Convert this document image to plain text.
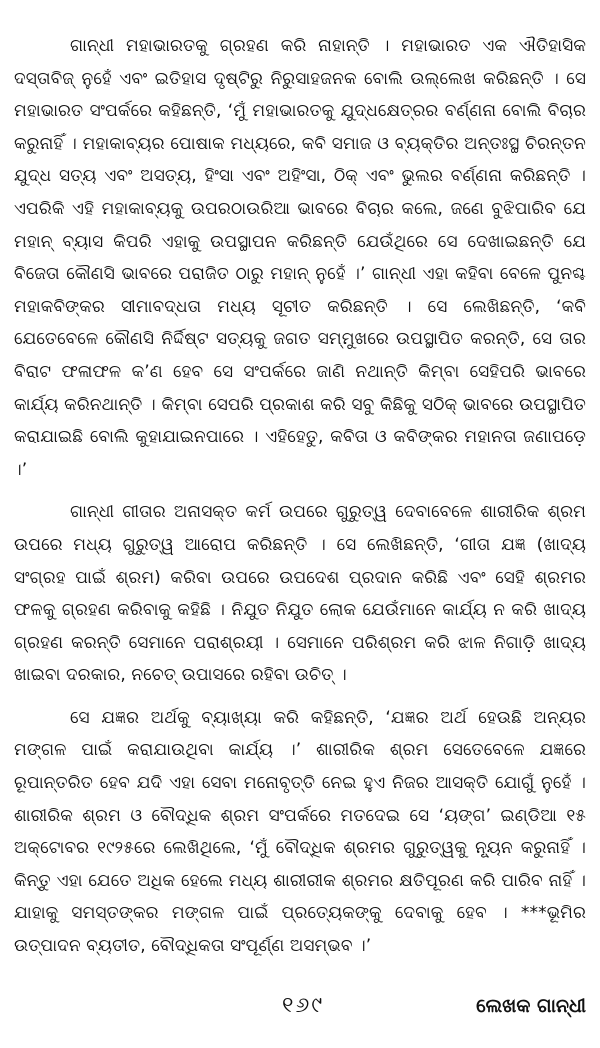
ଗାନ୍ଧୀ ମହାଭାରତକୁ ଗ୍ରହଣ କରି ନାହାନ୍ତି । ମହାଭାରତ ଏକ ଐତିହାସିକ ଦସ୍ତାବିଜ୍ ନୁହେଁ ଏବଂ ଇତିହାସ ଦୃଷ୍ଟିରୁ ନିରୁସାହଜନକ ବୋଲି ଉଲ୍ଲେଖ କରିଛନ୍ତି । ସେ ମହାଭାରତ ସଂପର୍କରେ କହିଛନ୍ତି, ‘ମୁଁ ମହାଭାରତକୁ ଯୁଦ୍ଧକ୍ଷେତ୍ରର ବର୍ଣ୍ଣନା ବୋଲି ବିଚାର କରୁନାହିଁ । ମହାକାବ୍ୟର ପୋଷାକ ମଧ୍ୟରେ, କବି ସମାଜ ଓ ବ୍ୟକ୍ତିର ଅନ୍ତଃସ୍ଥ ଚିରନ୍ତନ ଯୁଦ୍ଧ ସତ୍ୟ ଏବଂ ଅସତ୍ୟ, ହିଂସା ଏବଂ ଅହିଂସା, ଠିକ୍ ଏବଂ ଭୁଲର ବର୍ଣ୍ଣନା କରିଛନ୍ତି । ଏପରିକି ଏହି ମହାକାବ୍ୟକୁ ଉପରଠାଉରିଆ ଭାବରେ ବିଚାର କଲେ, ଜଣେ ବୁଝିପାରିବ ଯେ ମହାନ୍ ବ୍ୟାସ କିପରି ଏହାକୁ ଉପସ୍ଥାପନ କରିଛନ୍ତି ଯେଉଁଥିରେ ସେ ଦେଖାଇଛନ୍ତି ଯେ ବିଜେତା କୌଣସି ଭାବରେ ପରାଜିତ ଠାରୁ ମହାନ୍ ନୁହେଁ ।’ ଗାନ୍ଧୀ ଏହା କହିବା ବେଳେ ପୁନଶ୍ଚ ମହାକବିଙ୍କର ସୀମାବଦ୍ଧତା ମଧ୍ୟ ସୂଚୀତ କରିଛନ୍ତି । ସେ ଲେଖିଛନ୍ତି, ‘କବି ଯେତେବେଳେ କୌଣସି ନିର୍ଦ୍ଦିଷ୍ଟ ସତ୍ୟକୁ ଜଗତ ସମ୍ମୁଖରେ ଉପସ୍ଥାପିତ କରନ୍ତି, ସେ ତାର ବିରାଟ ଫଳାଫଳ କ’ଣ ହେବ ସେ ସଂପର୍କରେ ଜାଣି ନଥାନ୍ତି କିମ୍ବା ସେହିପରି ଭାବରେ କାର୍ଯ୍ୟ କରିନଥାନ୍ତି । କିମ୍ବା ସେପରି ପ୍ରକାଶ କରି ସବୁ କିଛିକୁ ସଠିକ୍ ଭାବରେ ଉପସ୍ଥାପିତ କରାଯାଇଛି ବୋଲି କୁହାଯାଇନପାରେ । ଏହିହେତୁ, କବିତା ଓ କବିଙ୍କର ମହାନତା ଜଣାପଡ଼େ ।’

ଗାନ୍ଧୀ ଗୀତାର ଅନାସକ୍ତ କର୍ମ ଉପରେ ଗୁରୁତ୍ୱ ଦେବାବେଳେ ଶାରୀରିକ ଶ୍ରମ ଉପରେ ମଧ୍ୟ ଗୁରୁତ୍ୱ ଆରୋପ କରିଛନ୍ତି । ସେ ଲେଖିଛନ୍ତି, ‘ଗୀତା ଯଜ୍ଞ (ଖାଦ୍ୟ ସଂଗ୍ରହ ପାଇଁ ଶ୍ରମ) କରିବା ଉପରେ ଉପଦେଶ ପ୍ରଦାନ କରିଛି ଏବଂ ସେହି ଶ୍ରମର ଫଳକୁ ଗ୍ରହଣ କରିବାକୁ କହିଛି । ନିଯୁତ ନିଯୁତ ଲୋକ ଯେଉଁମାନେ କାର୍ଯ୍ୟ ନ କରି ଖାଦ୍ୟ ଗ୍ରହଣ କରନ୍ତି ସେମାନେ ପରାଶ୍ରୟୀ । ସେମାନେ ପରିଶ୍ରମ କରି ଝାଳ ନିଗାଡ଼ି ଖାଦ୍ୟ ଖାଇବା ଦରକାର, ନଚେତ୍ ଉପାସରେ ରହିବା ଉଚିତ୍ ।

ସେ ଯଜ୍ଞର ଅର୍ଥକୁ ବ୍ୟାଖ୍ୟା କରି କହିଛନ୍ତି, ‘ଯଜ୍ଞର ଅର୍ଥ ହେଉଛି ଅନ୍ୟର ମଙ୍ଗଳ ପାଇଁ କରାଯାଉଥିବା କାର୍ଯ୍ୟ ।’ ଶାରୀରିକ ଶ୍ରମ ସେତେବେଳେ ଯଜ୍ଞରେ ରୂପାନ୍ତରିତ ହେବ ଯଦି ଏହା ସେବା ମନୋବୃତ୍ତି ନେଇ ହୁଏ ନିଜର ଆସକ୍ତି ଯୋଗୁଁ ନୁହେଁ । ଶାରୀରିକ ଶ୍ରମ ଓ ବୌଦ୍ଧିକ ଶ୍ରମ ସଂପର୍କରେ ମତଦେଇ ସେ ‘ୟଙ୍ଗ’ ଇଣ୍ଡିଆ ୧୫ ଅକ୍ଟୋବର ୧୯୨୫ରେ ଲେଖିଥିଲେ, ‘ମୁଁ ବୌଦ୍ଧିକ ଶ୍ରମର ଗୁରୁତ୍ୱକୁ ନ୍ୟୂନ କରୁନାହିଁ । କିନ୍ତୁ ଏହା ଯେତେ ଅଧିକ ହେଲେ ମଧ୍ୟ ଶାରୀରୀକ ଶ୍ରମର କ୍ଷତିପୂରଣ କରି ପାରିବ ନାହିଁ । ଯାହାକୁ ସମସ୍ତଙ୍କର ମଙ୍ଗଳ ପାଇଁ ପ୍ରତ୍ୟେକଙ୍କୁ ଦେବାକୁ ହେବ । ***ଭୂମିର ଉତ୍ପାଦନ ବ୍ୟତୀତ, ବୌଦ୍ଧିକତା ସଂପୂର୍ଣ୍ଣ ଅସମ୍ଭବ ।’

୧୬୯	ଲେଖକ ଗାନ୍ଧୀ
